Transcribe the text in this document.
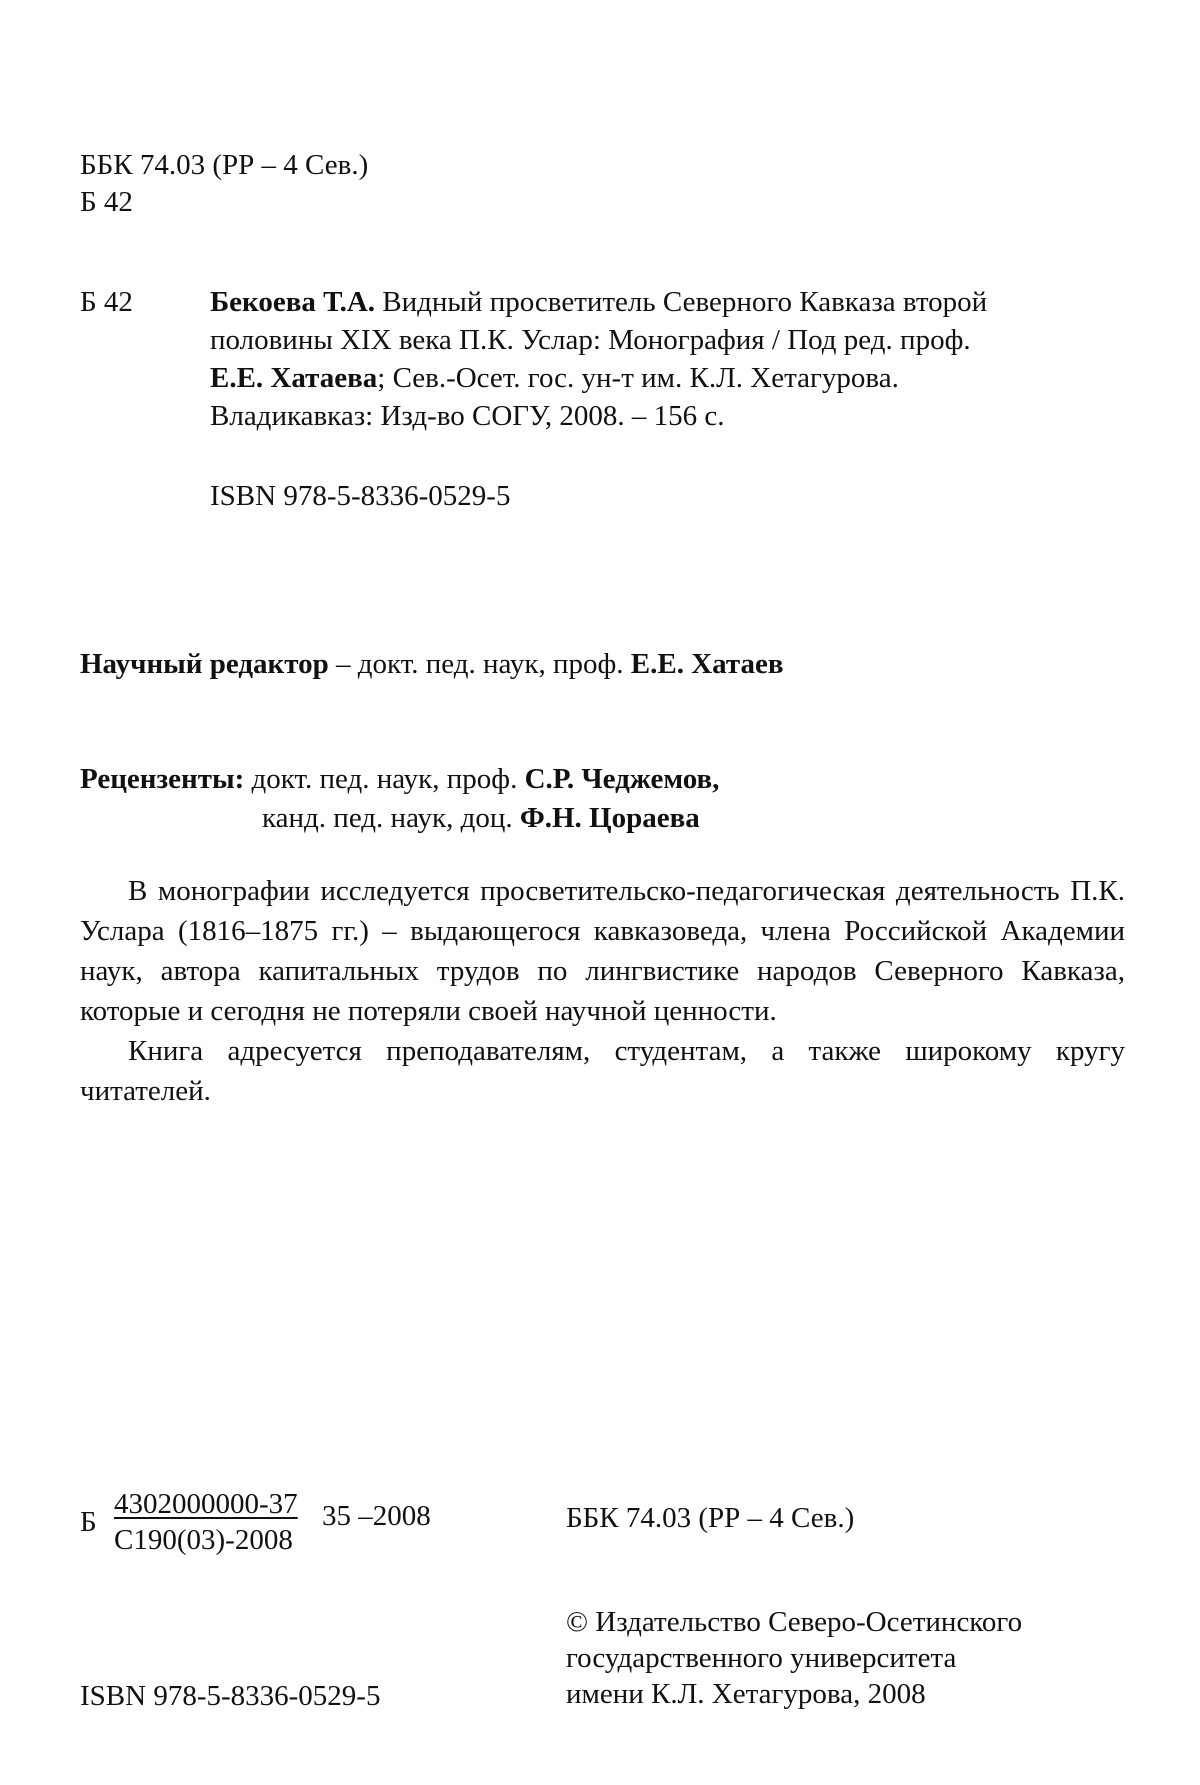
ББК 74.03 (РР – 4 Сев.)
Б 42
Б 42	Бекоева Т.А. Видный просветитель Северного Кавказа второй половины XIX века П.К. Услар: Монография / Под ред. проф. Е.Е. Хатаева; Сев.-Осет. гос. ун-т им. К.Л. Хетагурова. Владикавказ: Изд-во СОГУ, 2008. – 156 с.
ISBN 978-5-8336-0529-5
Научный редактор – докт. пед. наук, проф. Е.Е. Хатаев
Рецензенты: докт. пед. наук, проф. С.Р. Чеджемов,
канд. пед. наук, доц. Ф.Н. Цораева

В монографии исследуется просветительско-педагогическая деятельность П.К. Услара (1816–1875 гг.) – выдающегося кавказоведа, члена Российской Академии наук, автора капитальных трудов по лингвистике народов Северного Кавказа, которые и сегодня не потеряли своей научной ценности.

Книга адресуется преподавателям, студентам, а также широкому кругу читателей.

Б
4302000000-37
С190(03)-2008
35 –2008	ББК 74.03 (РР – 4 Сев.)
© Издательство Северо-Осетинского
государственного университета
имени К.Л. Хетагурова, 2008
ISBN 978-5-8336-0529-5
